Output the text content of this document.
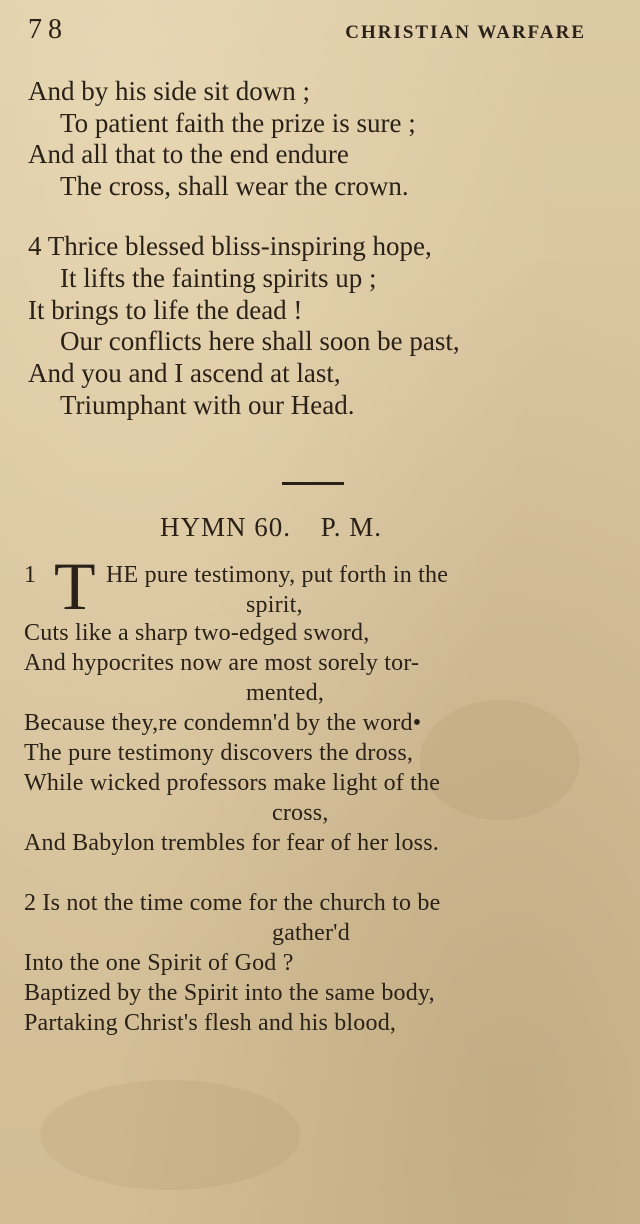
78	CHRISTIAN WARFARE
And by his side sit down ;
To patient faith the prize is sure ;
And all that to the end endure
The cross, shall wear the crown.
4 Thrice blessed bliss-inspiring hope,
It lifts the fainting spirits up ;
It brings to life the dead !
Our conflicts here shall soon be past,
And you and I ascend at last,
Triumphant with our Head.
HYMN 60. P. M.
1 T HE pure testimony, put forth in the
spirit,
Cuts like a sharp two-edged sword,
And hypocrites now are most sorely tor-
mented,
Because they,re condemn'd by the word•
The pure testimony discovers the dross,
While wicked professors make light of the
cross,
And Babylon trembles for fear of her loss.
2 Is not the time come for the church to be
gather'd
Into the one Spirit of God ?
Baptized by the Spirit into the same body,
Partaking Christ's flesh and his blood,
